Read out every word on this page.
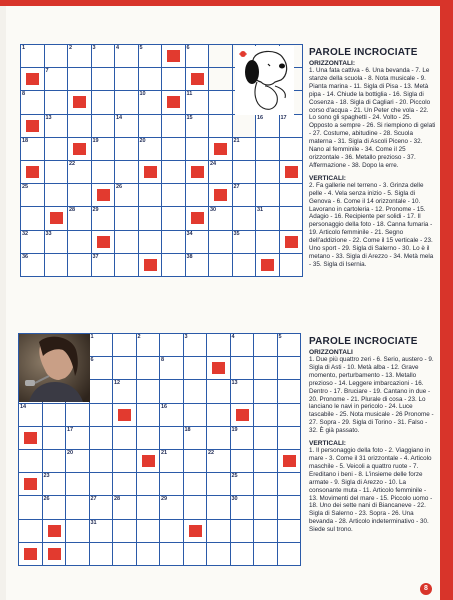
1		2	3	4	5		6				

	7										

8					10		11				

	13			14			15			16	17

18			19		20				21		

		22						24			

25				26					27		

		28	29					30		31	

32	33						34		35		

36			37				38				

PAROLE INCROCIATE
ORIZZONTALI:

1. Una fata cattiva - 6. Una bevanda - 7. Le stanze della scuola - 8. Nota musicale - 9. Pianta marina - 11. Sigla di Pisa - 13. Metà pipa - 14. Chiude la bottiglia - 16. Sigla di Cosenza - 18. Sigla di Cagliari - 20. Piccolo corso d'acqua - 21. Un Peter che vola - 22. Lo sono gli spaghetti - 24. Volto - 25. Opposto a sempre - 26. Si riempiono di gelati - 27. Costume, abitudine - 28. Scuola materna - 31. Sigla di Ascoli Piceno - 32. Nano al femminile - 34. Come il 25 orizzontale - 36. Metallo prezioso - 37. Affermazione - 38. Dopo la erre.

VERTICALI:

2. Fa gallerie nel terreno - 3. Grinza delle pelle - 4. Vela senza inizio - 5. Sigla di Genova - 6. Come il 14 orizzontale - 10. Lavorano in cartoleria - 12. Pronome - 15. Adagio - 16. Recipiente per solidi - 17. Il personaggio della foto - 18. Canna fumaria - 19. Articolo femminile - 21. Segno dell'addizione - 22. Come il 15 verticale - 23. Uno sport - 29. Sigla di Salerno - 30. Lo è il metano - 33. Sigla di Arezzo - 34. Metà mela - 35. Sigla di Isernia.

			1		2		3		4		5

			6			8					

12					13		

14						16					

		17					18		19		

		20				21		22			

	23								25		

	26		27	28		29			30		

			31								

PAROLE INCROCIATE
ORIZZONTALI

1. Due più quattro zeri - 6. Serio, austero - 9. Sigla di Asti - 10. Metà alba - 12. Grave momento, perturbamento - 13. Metallo prezioso - 14. Leggere imbarcazioni - 16. Dentro - 17. Bruciare - 19. Cantano in due - 20. Pronome - 21. Plurale di cosa - 23. Lo lanciano le navi in pericolo - 24. Luce tascabile - 25. Nota musicale - 26 Pronome - 27. Sopra - 29. Sigla di Torino - 31. Falso - 32. È già passato.

VERTICALI:

1. Il personaggio della foto - 2. Viaggiano in mare - 3. Come il 31 orizzontale - 4. Articolo maschile - 5. Veicoli a quattro ruote - 7. Ereditano i beni - 8. L'insieme delle forze armate - 9. Sigla di Arezzo - 10. La consonante muta - 11. Articolo femminile - 13. Movimenti del mare - 15. Piccolo uomo - 18. Uno dei sette nani di Biancaneve - 22. Sigla di Salerno - 23. Sopra - 26. Una bevanda - 28. Articolo indeterminativo - 30. Siede sul trono.

8
